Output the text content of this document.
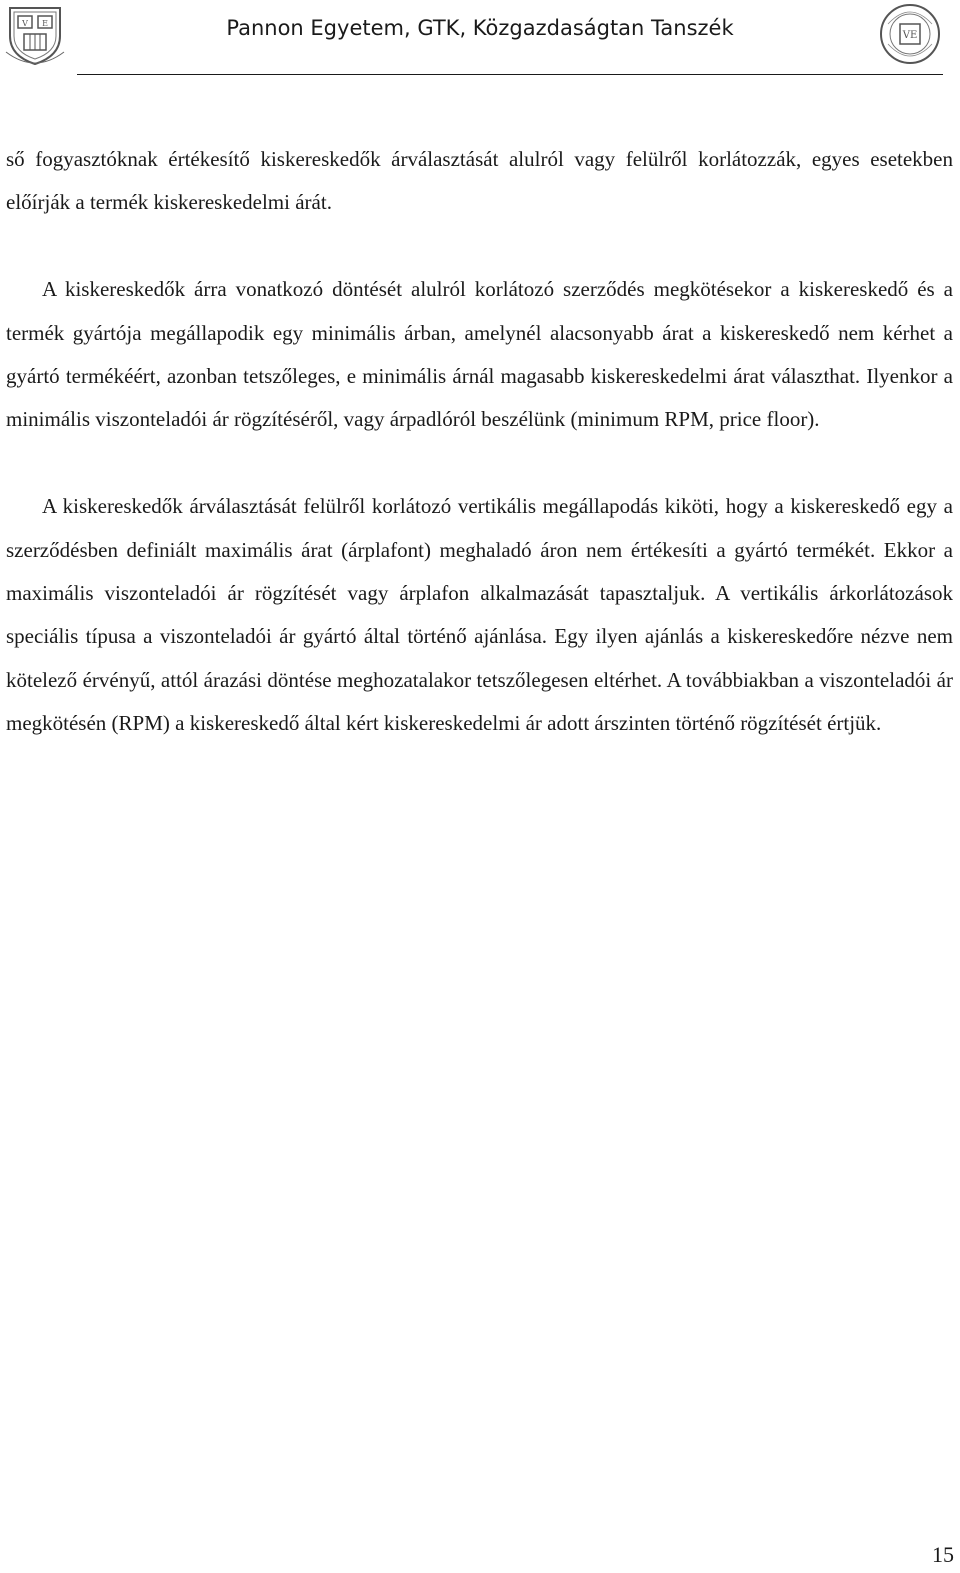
V E	Pannon Egyetem, GTK, Közgazdaságtan Tanszék	VE

ső fogyasztóknak értékesítő kiskereskedők árválasztását alulról vagy felülről korlátozzák, egyes esetekben előírják a termék kiskereskedelmi árát.

A kiskereskedők árra vonatkozó döntését alulról korlátozó szerződés megkötésekor a kiskereskedő és a termék gyártója megállapodik egy minimális árban, amelynél alacsonyabb árat a kiskereskedő nem kérhet a gyártó termékéért, azonban tetszőleges, e minimális árnál magasabb kiskereskedelmi árat választhat. Ilyenkor a minimális viszonteladói ár rögzítéséről, vagy árpadlóról beszélünk (minimum RPM, price floor).

A kiskereskedők árválasztását felülről korlátozó vertikális megállapodás kiköti, hogy a kiskereskedő egy a szerződésben definiált maximális árat (árplafont) meghaladó áron nem értékesíti a gyártó termékét. Ekkor a maximális viszonteladói ár rögzítését vagy árplafon alkalmazását tapasztaljuk. A vertikális árkorlátozások speciális típusa a viszonteladói ár gyártó által történő ajánlása. Egy ilyen ajánlás a kiskereskedőre nézve nem kötelező érvényű, attól árazási döntése meghozatalakor tetszőlegesen eltérhet. A továbbiakban a viszonteladói ár megkötésén (RPM) a kiskereskedő által kért kiskereskedelmi ár adott árszinten történő rögzítését értjük.

15
